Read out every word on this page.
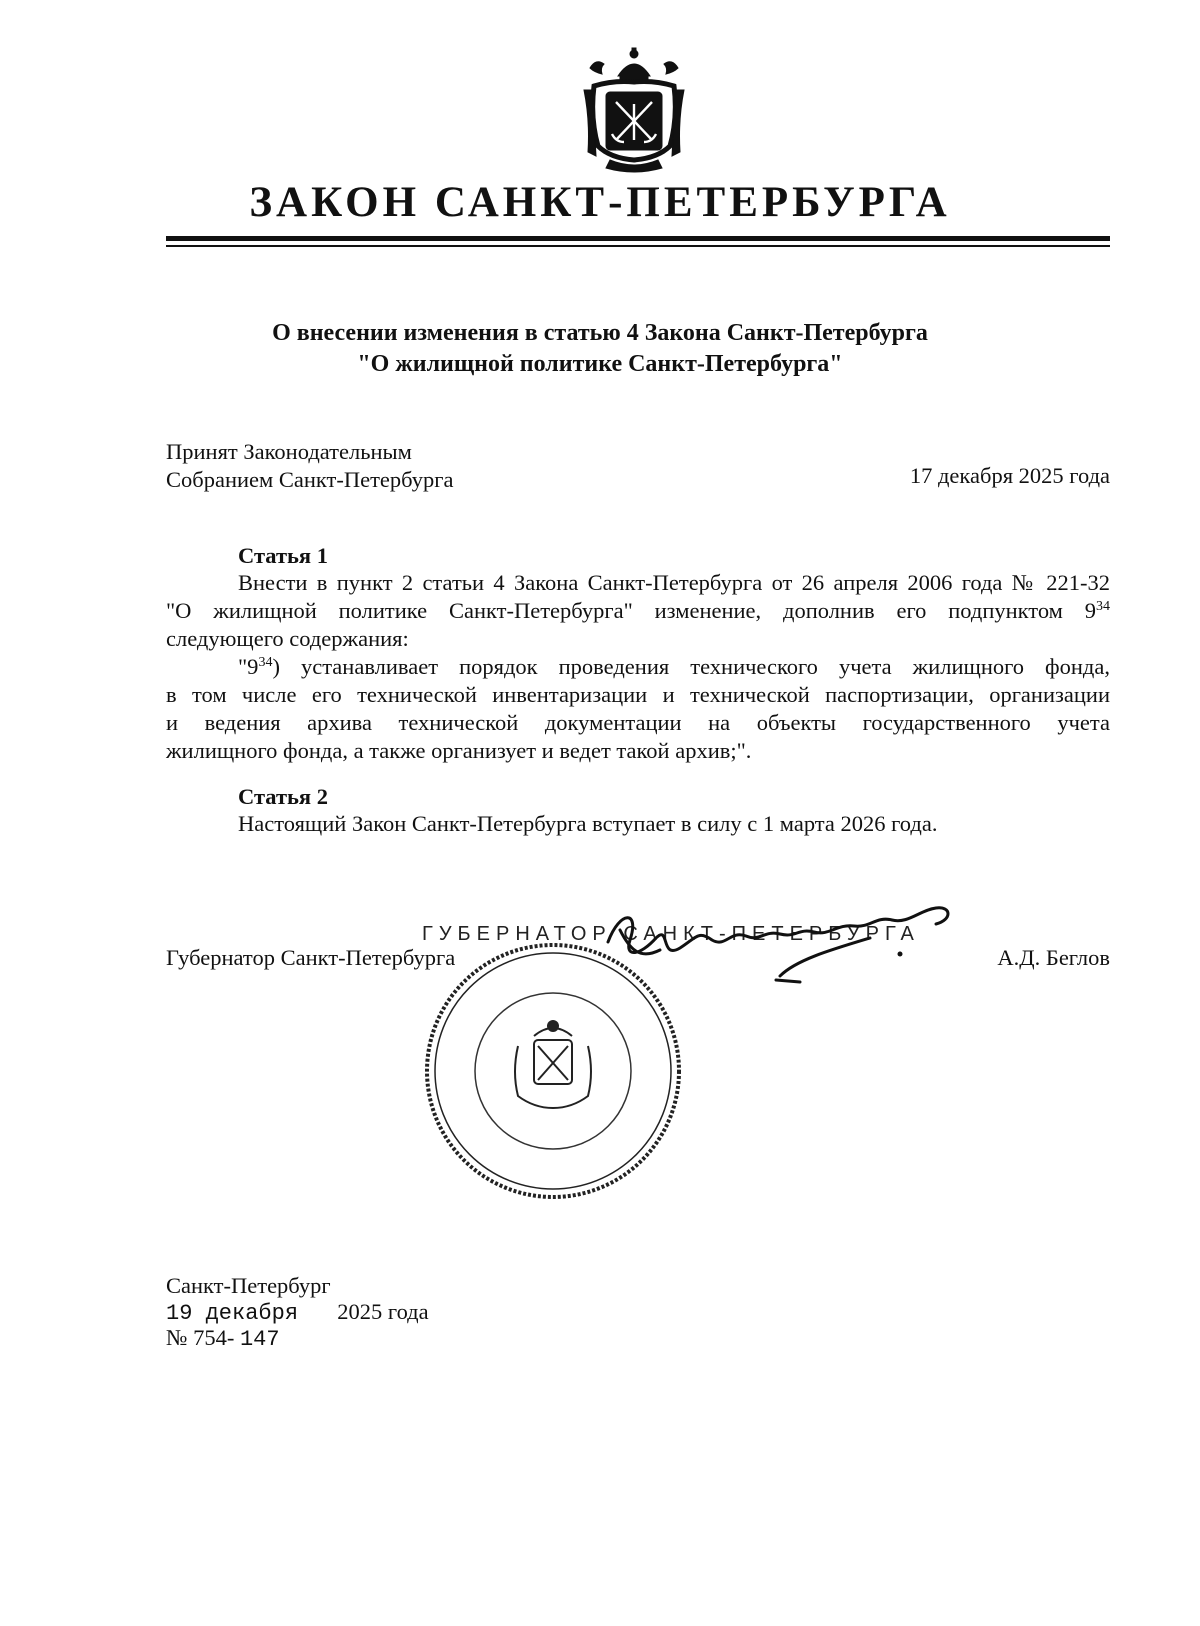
ЗАКОН САНКТ-ПЕТЕРБУРГА
О внесении изменения в статью 4 Закона Санкт-Петербурга
"О жилищной политике Санкт-Петербурга"
Принят Законодательным
Собранием Санкт-Петербурга	17 декабря 2025 года
Статья 1
Внести в пункт 2 статьи 4 Закона Санкт-Петербурга от 26 апреля 2006 года № 221-32
"О жилищной политике Санкт-Петербурга" изменение, дополнив его подпунктом $9^{34}$
следующего содержания:
"$9^{34}$) устанавливает порядок проведения технического учета жилищного фонда,
в том числе его технической инвентаризации и технической паспортизации, организации
и ведения архива технической документации на объекты государственного учета
жилищного фонда, а также организует и ведет такой архив;".
Статья 2
Настоящий Закон Санкт-Петербурга вступает в силу с 1 марта 2026 года.
Губернатор Санкт-Петербурга	А.Д. Беглов
ГУБЕРНАТОР САНКТ-ПЕТЕРБУРГА
Санкт-Петербург
19 декабря 2025 года
№ 754- 147
